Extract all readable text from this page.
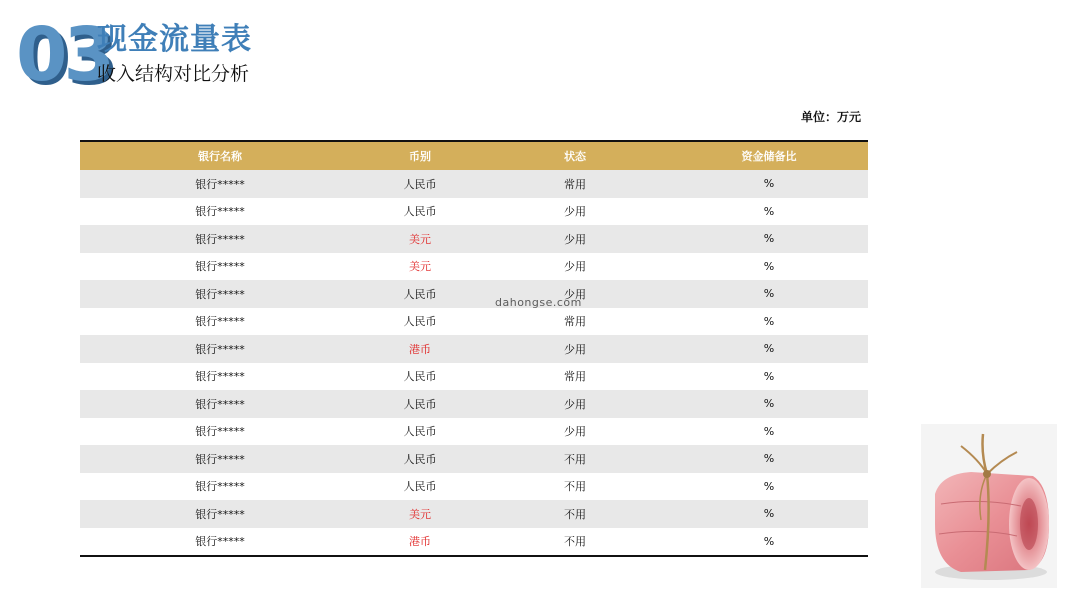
03
现金流量表
收入结构对比分析
单位：万元
银行名称	币别	状态	资金储备比
银行*****	人民币	常用	%
银行*****	人民币	少用	%
银行*****	美元	少用	%
银行*****	美元	少用	%
银行*****	人民币	少用	%
银行*****	人民币	常用	%
银行*****	港币	少用	%
银行*****	人民币	常用	%
银行*****	人民币	少用	%
银行*****	人民币	少用	%
银行*****	人民币	不用	%
银行*****	人民币	不用	%
银行*****	美元	不用	%
银行*****	港币	不用	%
dahongse.com
